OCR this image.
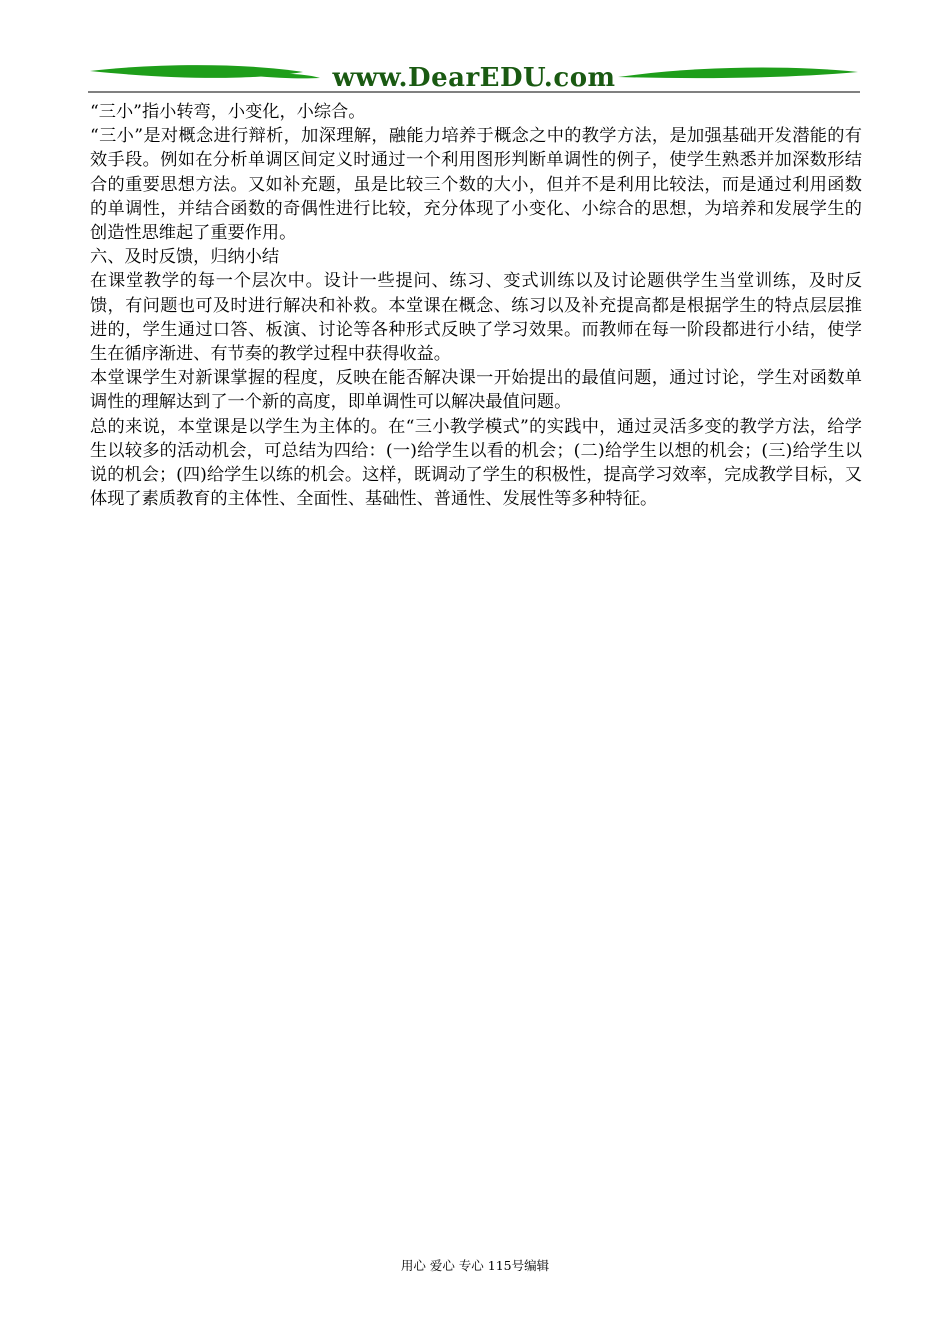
www.DearEDU.com

“三小”指小转弯，小变化，小综合。

“三小”是对概念进行辩析，加深理解，融能力培养于概念之中的教学方法，是加强基础开发潜能的有效手段。例如在分析单调区间定义时通过一个利用图形判断单调性的例子，使学生熟悉并加深数形结合的重要思想方法。又如补充题，虽是比较三个数的大小，但并不是利用比较法，而是通过利用函数的单调性，并结合函数的奇偶性进行比较，充分体现了小变化、小综合的思想，为培养和发展学生的创造性思维起了重要作用。

六、及时反馈，归纳小结

在课堂教学的每一个层次中。设计一些提问、练习、变式训练以及讨论题供学生当堂训练，及时反馈，有问题也可及时进行解决和补救。本堂课在概念、练习以及补充提高都是根据学生的特点层层推进的，学生通过口答、板演、讨论等各种形式反映了学习效果。而教师在每一阶段都进行小结，使学生在循序渐进、有节奏的教学过程中获得收益。

本堂课学生对新课掌握的程度，反映在能否解决课一开始提出的最值问题，通过讨论，学生对函数单调性的理解达到了一个新的高度，即单调性可以解决最值问题。

总的来说，本堂课是以学生为主体的。在“三小教学模式”的实践中，通过灵活多变的教学方法，给学生以较多的活动机会，可总结为四给：(一)给学生以看的机会；(二)给学生以想的机会；(三)给学生以说的机会；(四)给学生以练的机会。这样，既调动了学生的积极性，提高学习效率，完成教学目标，又体现了素质教育的主体性、全面性、基础性、普通性、发展性等多种特征。

用心 爱心 专心 115号编辑
